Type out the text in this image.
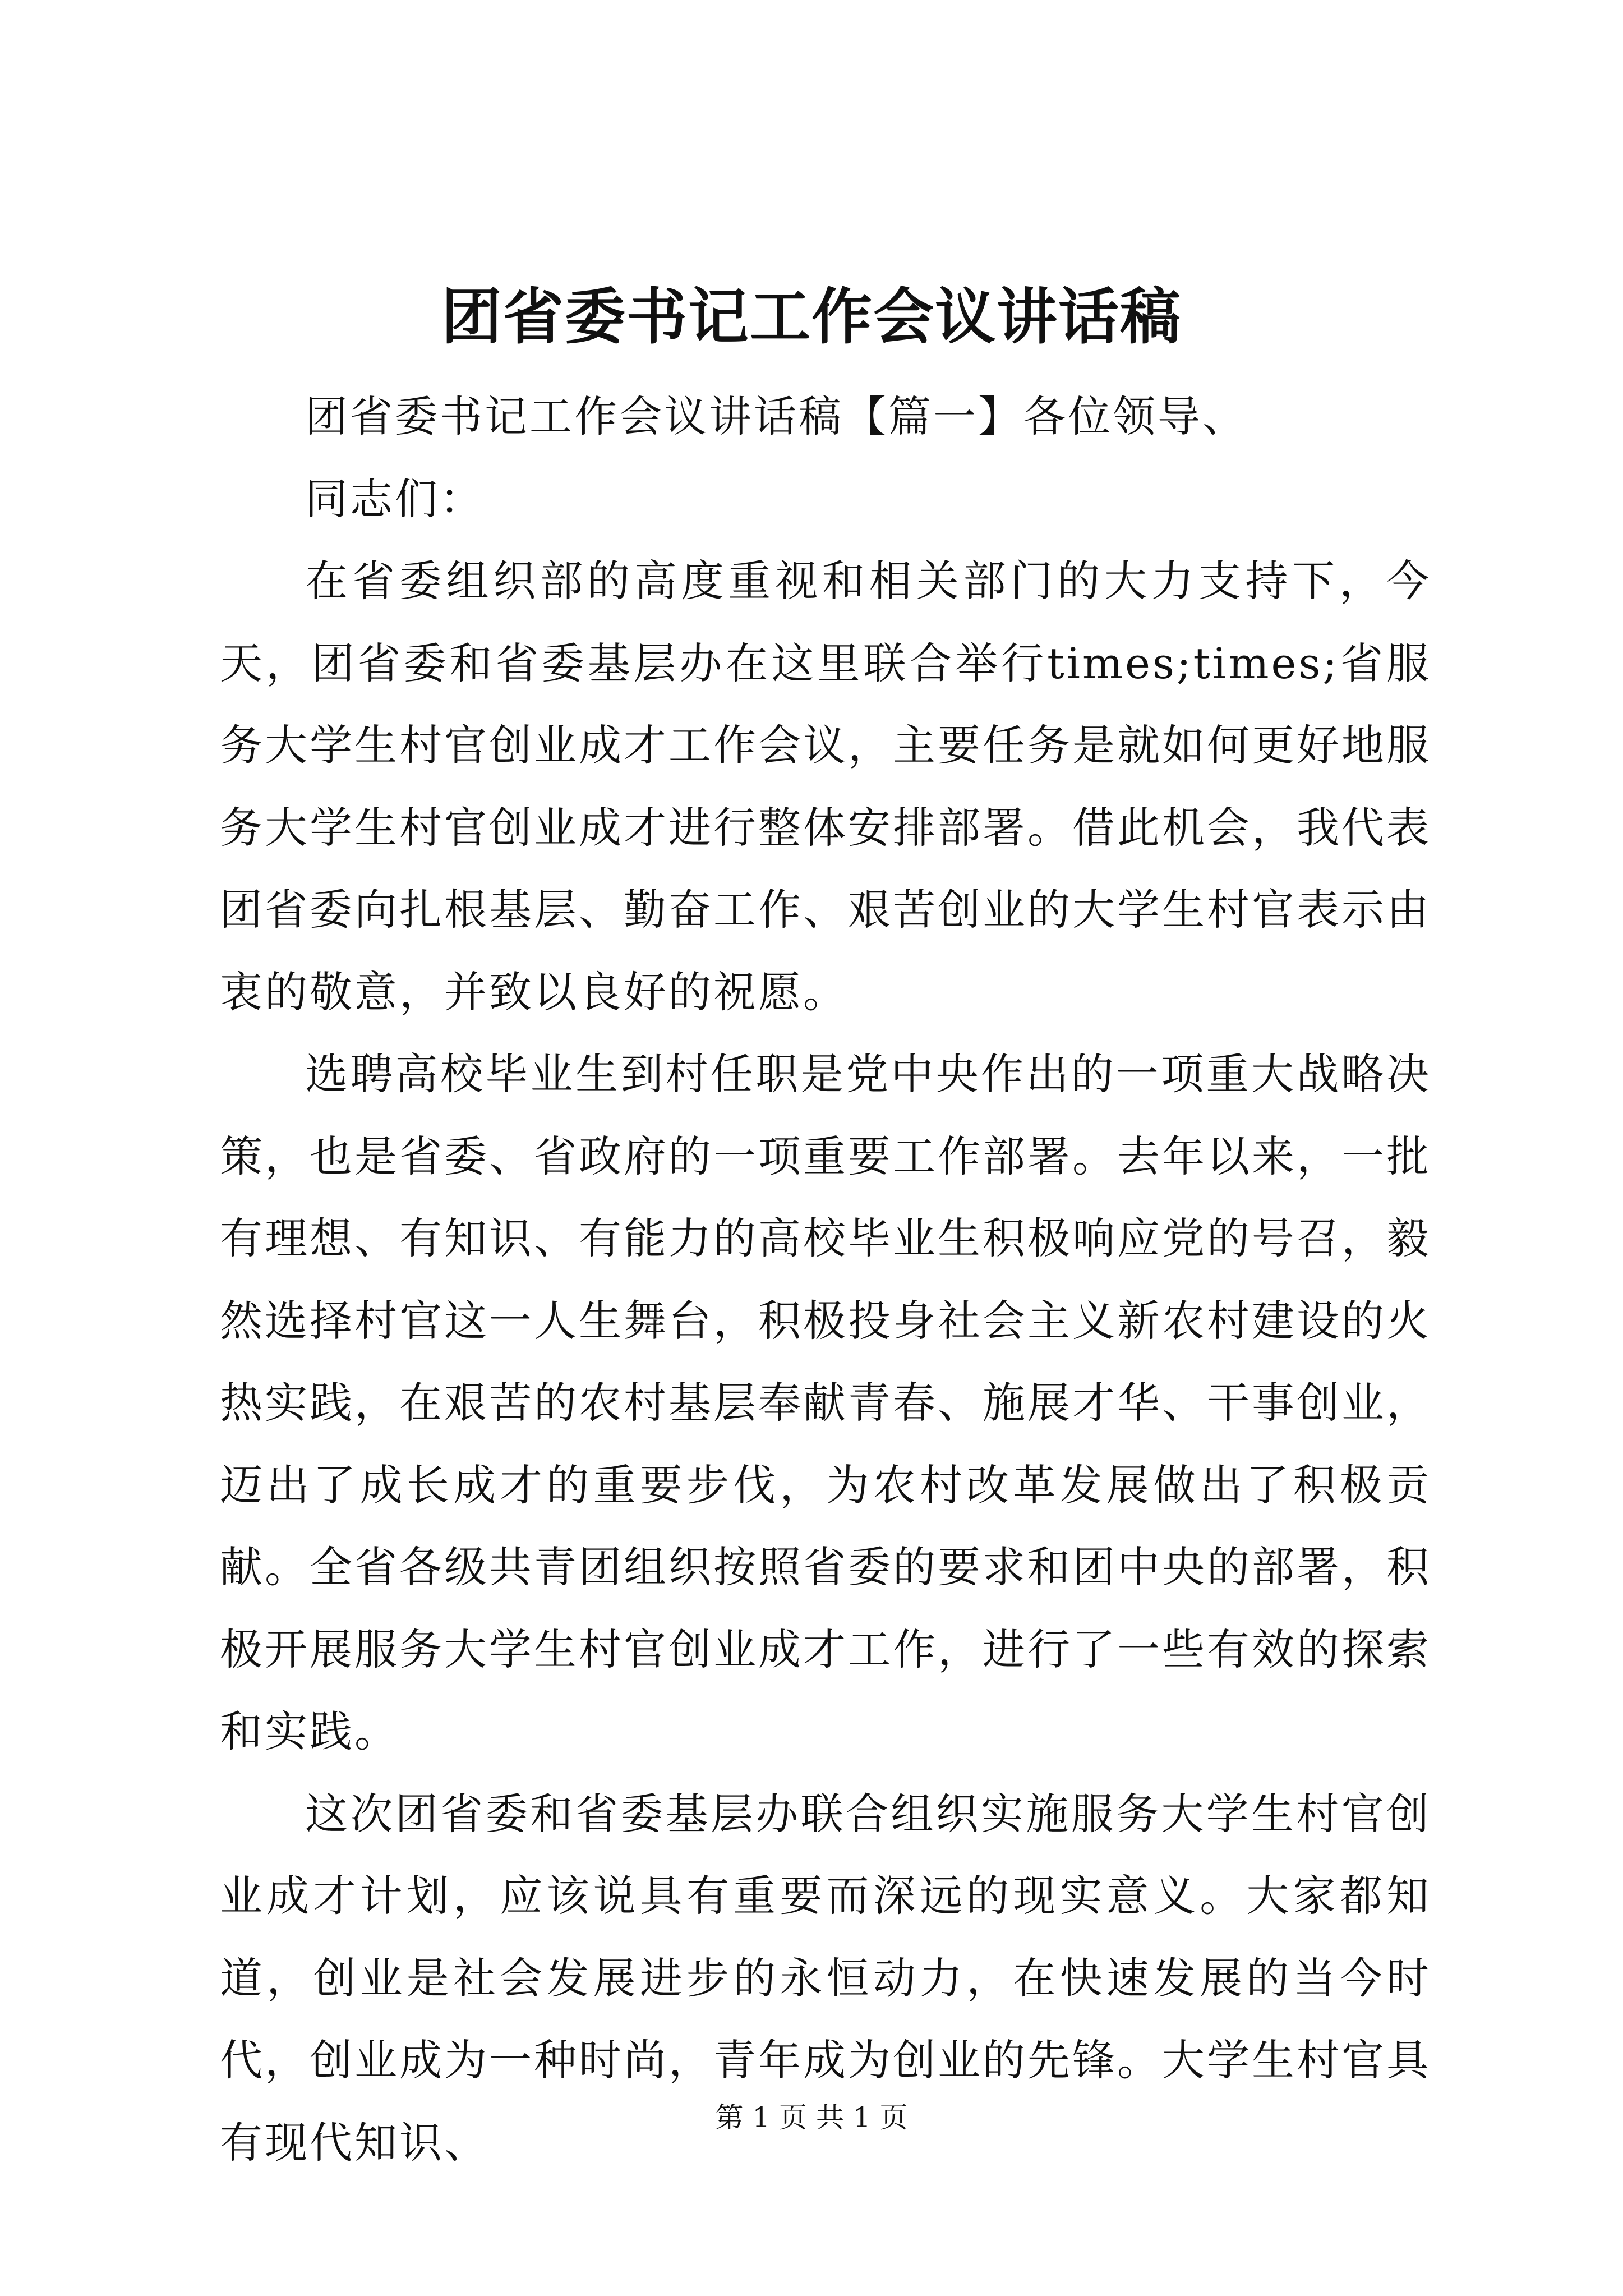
团省委书记工作会议讲话稿

团省委书记工作会议讲话稿【篇一】各位领导、

同志们：

在省委组织部的高度重视和相关部门的大力支持下，今天，团省委和省委基层办在这里联合举行times;times;省服务大学生村官创业成才工作会议，主要任务是就如何更好地服务大学生村官创业成才进行整体安排部署。借此机会，我代表团省委向扎根基层、勤奋工作、艰苦创业的大学生村官表示由衷的敬意，并致以良好的祝愿。

选聘高校毕业生到村任职是党中央作出的一项重大战略决策，也是省委、省政府的一项重要工作部署。去年以来，一批有理想、有知识、有能力的高校毕业生积极响应党的号召，毅然选择村官这一人生舞台，积极投身社会主义新农村建设的火热实践，在艰苦的农村基层奉献青春、施展才华、干事创业，迈出了成长成才的重要步伐，为农村改革发展做出了积极贡献。全省各级共青团组织按照省委的要求和团中央的部署，积极开展服务大学生村官创业成才工作，进行了一些有效的探索和实践。

这次团省委和省委基层办联合组织实施服务大学生村官创业成才计划，应该说具有重要而深远的现实意义。大家都知道，创业是社会发展进步的永恒动力，在快速发展的当今时代，创业成为一种时尚，青年成为创业的先锋。大学生村官具有现代知识、	第 1 页 共 1 页
